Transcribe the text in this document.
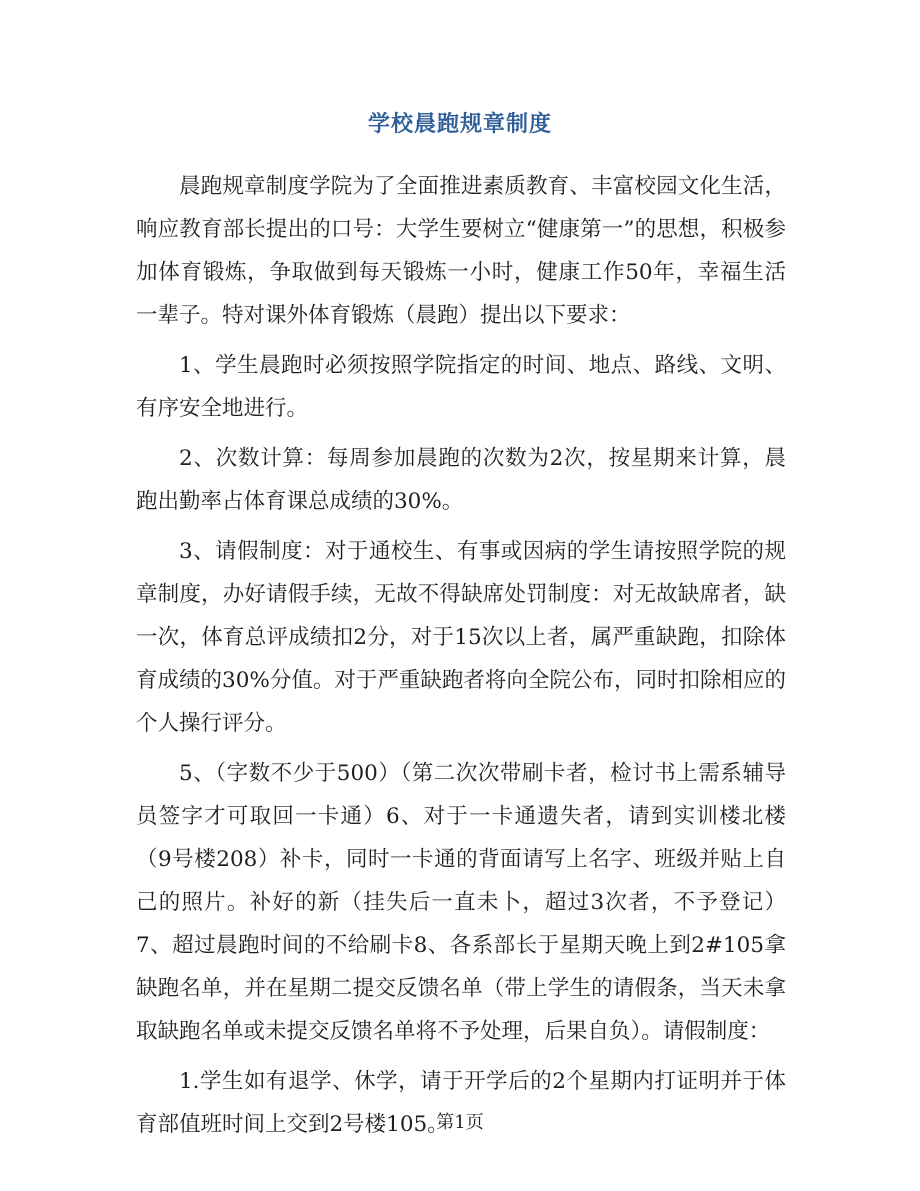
学校晨跑规章制度

晨跑规章制度学院为了全面推进素质教育、丰富校园文化生活，响应教育部长提出的口号：大学生要树立“健康第一”的思想，积极参加体育锻炼，争取做到每天锻炼一小时，健康工作50年，幸福生活一辈子。特对课外体育锻炼（晨跑）提出以下要求：

1、学生晨跑时必须按照学院指定的时间、地点、路线、文明、有序安全地进行。

2、次数计算：每周参加晨跑的次数为2次，按星期来计算，晨跑出勤率占体育课总成绩的30%。

3、请假制度：对于通校生、有事或因病的学生请按照学院的规章制度，办好请假手续，无故不得缺席处罚制度：对无故缺席者，缺一次，体育总评成绩扣2分，对于15次以上者，属严重缺跑，扣除体育成绩的30%分值。对于严重缺跑者将向全院公布，同时扣除相应的个人操行评分。

5、（字数不少于500）（第二次次带刷卡者，检讨书上需系辅导员签字才可取回一卡通）6、对于一卡通遗失者，请到实训楼北楼（9号楼208）补卡，同时一卡通的背面请写上名字、班级并贴上自己的照片。补好的新（挂失后一直未卜，超过3次者，不予登记）7、超过晨跑时间的不给刷卡8、各系部长于星期天晚上到2#105拿缺跑名单，并在星期二提交反馈名单（带上学生的请假条，当天未拿取缺跑名单或未提交反馈名单将不予处理，后果自负）。请假制度：

1.学生如有退学、休学，请于开学后的2个星期内打证明并于体育部值班时间上交到2号楼105。

第1页
